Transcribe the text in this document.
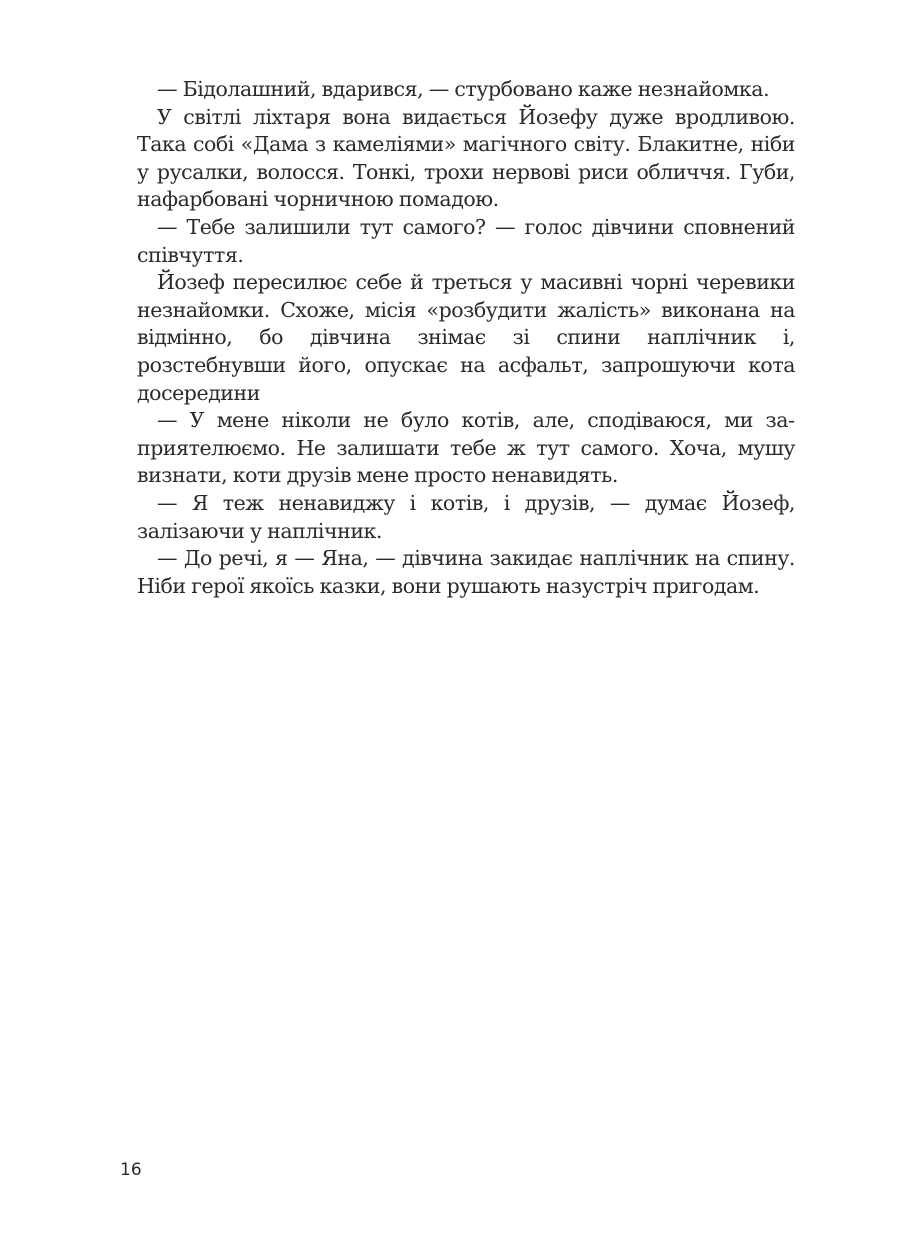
— Бідолашний, вдарився, — стурбовано каже незнайомка.

У світлі ліхтаря вона видається Йозефу дуже вродливою. Така собі «Дама з камеліями» магічного світу. Блакитне, ніби у русалки, волосся. Тонкі, трохи нервові риси обличчя. Губи, нафарбовані чорничною помадою.

— Тебе залишили тут самого? — голос дівчини сповнений співчуття.

Йозеф пересилює себе й треться у масивні чорні черевики незнайомки. Схоже, місія «розбудити жалість» виконана на відмінно, бо дівчина знімає зі спини наплічник і, розстебнувши його, опускає на асфальт, запрошуючи кота досередини

— У мене ніколи не було котів, але, сподіваюся, ми заприятелюємо. Не залишати тебе ж тут самого. Хоча, мушу визнати, коти друзів мене просто ненавидять.

— Я теж ненавиджу і котів, і друзів, — думає Йозеф, залізаючи у наплічник.

— До речі, я — Яна, — дівчина закидає наплічник на спину. Ніби герої якоїсь казки, вони рушають назустріч пригодам.

16
